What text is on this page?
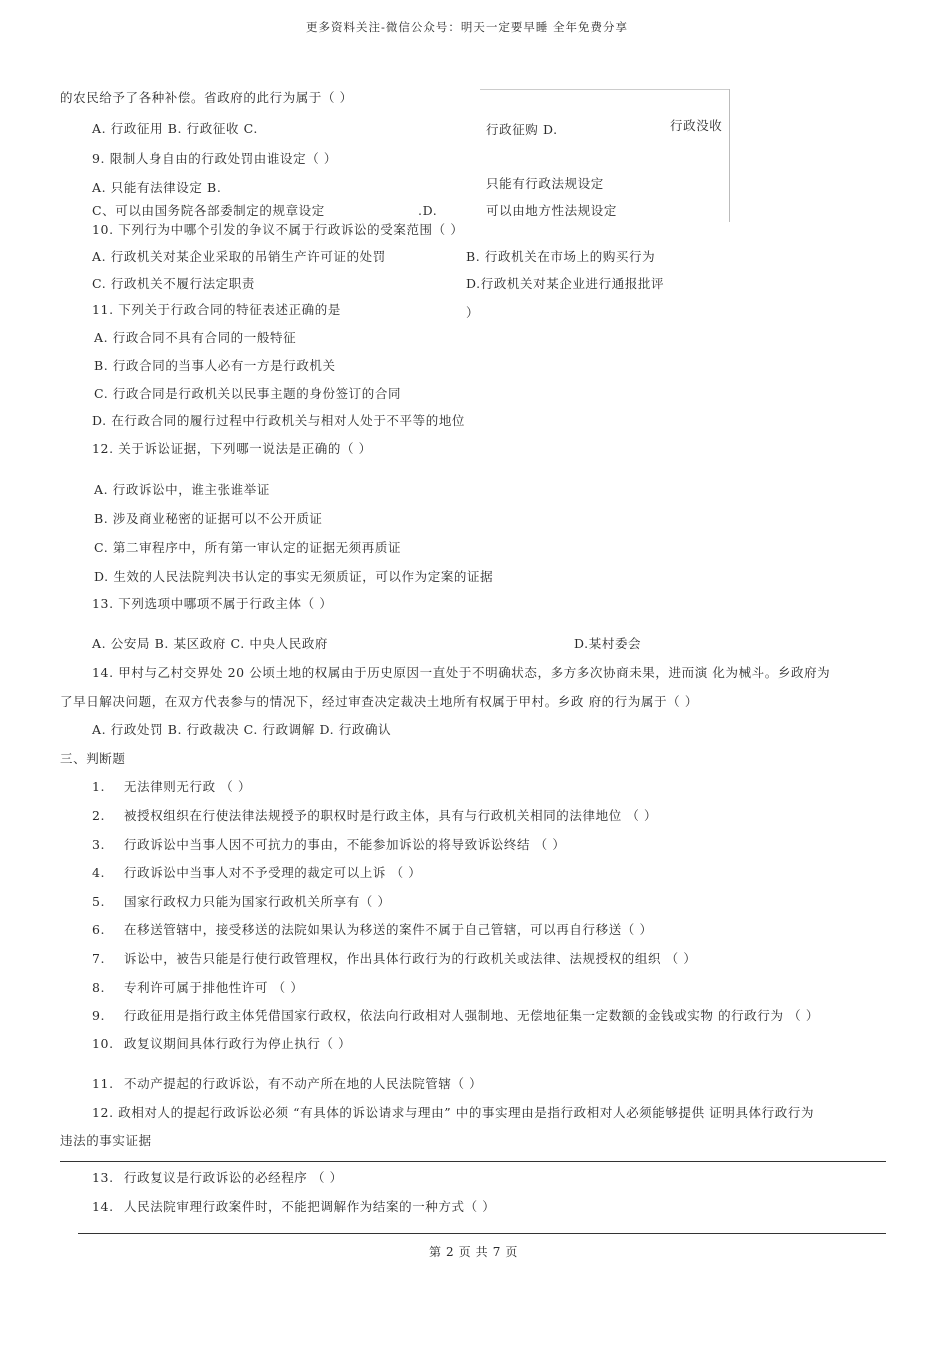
更多资料关注-微信公众号：明天一定要早睡 全年免费分享
的农民给予了各种补偿。省政府的此行为属于（ ）
A. 行政征用 B. 行政征收 C.	行政征购 D.	行政没收
9. 限制人身自由的行政处罚由谁设定（ ）
A. 只能有法律设定 B.	只能有行政法规设定
C、可以由国务院各部委制定的规章设定	.D.	可以由地方性法规设定
10. 下列行为中哪个引发的争议不属于行政诉讼的受案范围（ ）
A. 行政机关对某企业采取的吊销生产许可证的处罚	B. 行政机关在市场上的购买行为
C. 行政机关不履行法定职责	D.行政机关对某企业进行通报批评
11. 下列关于行政合同的特征表述正确的是	）
A. 行政合同不具有合同的一般特征
B. 行政合同的当事人必有一方是行政机关
C. 行政合同是行政机关以民事主题的身份签订的合同
D. 在行政合同的履行过程中行政机关与相对人处于不平等的地位
12. 关于诉讼证据，下列哪一说法是正确的（ ）
A. 行政诉讼中，谁主张谁举证
B. 涉及商业秘密的证据可以不公开质证
C. 第二审程序中，所有第一审认定的证据无须再质证
D. 生效的人民法院判决书认定的事实无须质证，可以作为定案的证据
13. 下列选项中哪项不属于行政主体（ ）
A. 公安局 B. 某区政府 C. 中央人民政府	D.某村委会
14. 甲村与乙村交界处 20 公顷土地的权属由于历史原因一直处于不明确状态，多方多次协商未果，进而演 化为械斗。乡政府为
了早日解决问题，在双方代表参与的情况下，经过审查决定裁决土地所有权属于甲村。乡政 府的行为属于（ ）
A. 行政处罚 B. 行政裁决 C. 行政调解 D. 行政确认
三、判断题
1. 无法律则无行政 （ ）
2. 被授权组织在行使法律法规授予的职权时是行政主体，具有与行政机关相同的法律地位 （ ）
3. 行政诉讼中当事人因不可抗力的事由，不能参加诉讼的将导致诉讼终结 （ ）
4. 行政诉讼中当事人对不予受理的裁定可以上诉 （ ）
5. 国家行政权力只能为国家行政机关所享有（ ）
6. 在移送管辖中，接受移送的法院如果认为移送的案件不属于自己管辖，可以再自行移送（ ）
7. 诉讼中，被告只能是行使行政管理权，作出具体行政行为的行政机关或法律、法规授权的组织 （ ）
8. 专利许可属于排他性许可 （ ）
9. 行政征用是指行政主体凭借国家行政权，依法向行政相对人强制地、无偿地征集一定数额的金钱或实物 的行政行为 （ ）
10. 政复议期间具体行政行为停止执行（ ）
11. 不动产提起的行政诉讼，有不动产所在地的人民法院管辖（ ）
12. 政相对人的提起行政诉讼必须 “有具体的诉讼请求与理由” 中的事实理由是指行政相对人必须能够提供 证明具体行政行为
违法的事实证据
13. 行政复议是行政诉讼的必经程序 （ ）
14. 人民法院审理行政案件时，不能把调解作为结案的一种方式（ ）
第 2 页 共 7 页
